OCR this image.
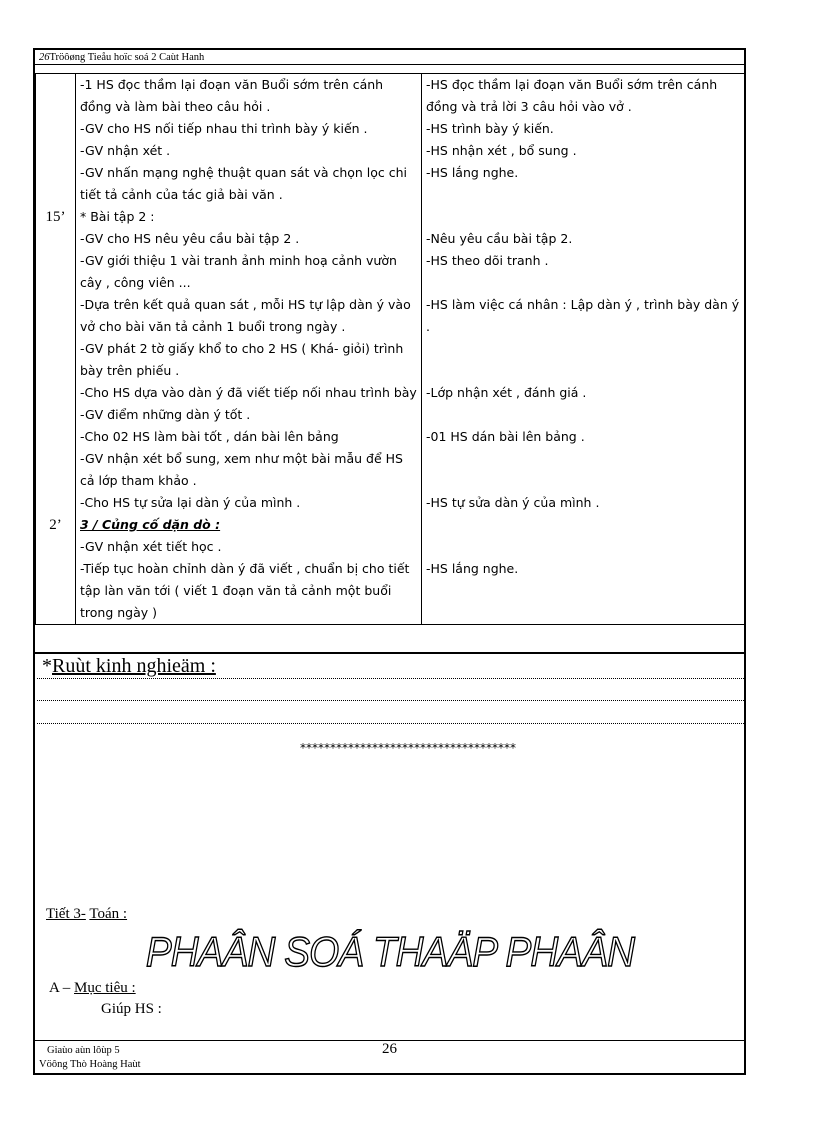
26Tröôøng Tieåu hoïc soá 2 Caùt Hanh
	-1 HS đọc thầm lại đoạn văn Buổi sớm trên cánh đồng và làm bài theo câu hỏi .	-HS đọc thầm lại đoạn văn Buổi sớm trên cánh đồng và trả lời 3 câu hỏi vào vở .
	-GV cho HS nối tiếp nhau thi trình bày ý kiến .	-HS trình bày ý kiến.
	-GV nhận xét .	-HS nhận xét , bổ sung .
	-GV nhấn mạng nghệ thuật quan sát và chọn lọc chi tiết tả cảnh của tác giả bài văn .	-HS lắng nghe.
15’	* Bài tập 2 :	
	-GV cho HS nêu yêu cầu bài tập 2 .	-Nêu yêu cầu bài tập 2.
	-GV giới thiệu 1 vài tranh ảnh minh hoạ cảnh vườn cây , công viên ...	-HS theo dõi tranh .
	-Dựa trên kết quả quan sát , mỗi HS tự lập dàn ý vào vở cho bài văn tả cảnh 1 buổi trong ngày .	-HS làm việc cá nhân : Lập dàn ý , trình bày dàn ý .
	-GV phát 2 tờ giấy khổ to cho 2 HS ( Khá- giỏi) trình bày trên phiếu .	
	-Cho HS dựa vào dàn ý đã viết tiếp nối nhau trình bày	-Lớp nhận xét , đánh giá .
	-GV điểm những dàn ý tốt .	
	-Cho 02 HS làm bài tốt , dán bài lên bảng	-01 HS dán bài lên bảng .
	-GV nhận xét bổ sung, xem như một bài mẫu để HS cả lớp tham khảo .	
	-Cho HS tự sửa lại dàn ý của mình .	-HS tự sửa dàn ý của mình .
2’	3 / Củng cố dặn dò :	
	-GV nhận xét tiết học .	
	-Tiếp tục hoàn chỉnh dàn ý đã viết , chuẩn bị cho tiết tập làn văn tới ( viết 1 đoạn văn tả cảnh một buổi trong ngày )	-HS lắng nghe.
*Ruùt kinh nghieäm :
************************************
Tiết 3- Toán :
PHAÂN SOÁ THAÄP PHAÂN
A – Mục tiêu :
Giúp HS :
Giaùo aùn lôùp 5
Vöông Thò Hoàng Haùt
26
